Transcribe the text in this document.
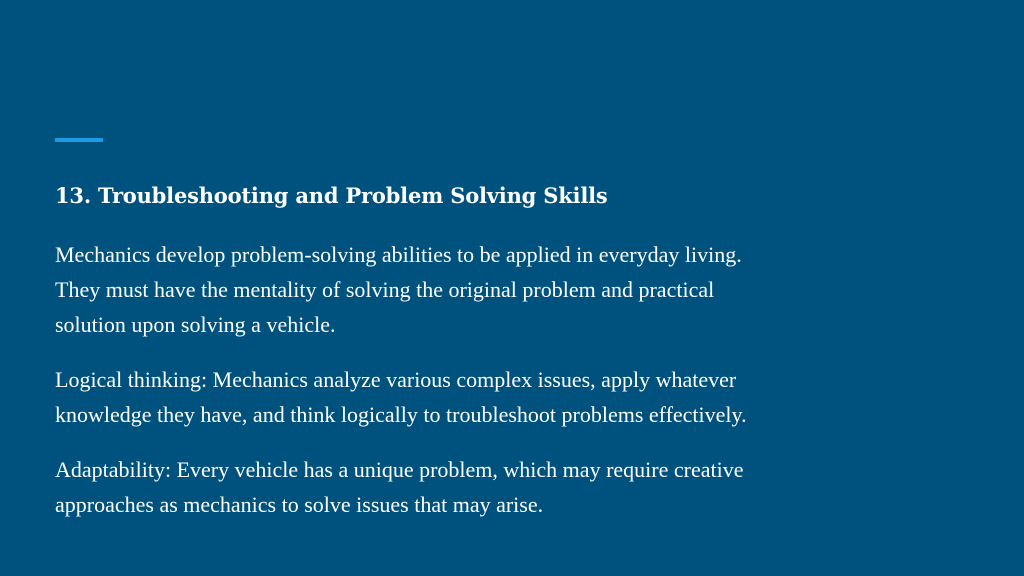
13. Troubleshooting and Problem Solving Skills

Mechanics develop problem-solving abilities to be applied in everyday living.
They must have the mentality of solving the original problem and practical
solution upon solving a vehicle.

Logical thinking: Mechanics analyze various complex issues, apply whatever
knowledge they have, and think logically to troubleshoot problems effectively.

Adaptability: Every vehicle has a unique problem, which may require creative
approaches as mechanics to solve issues that may arise.
